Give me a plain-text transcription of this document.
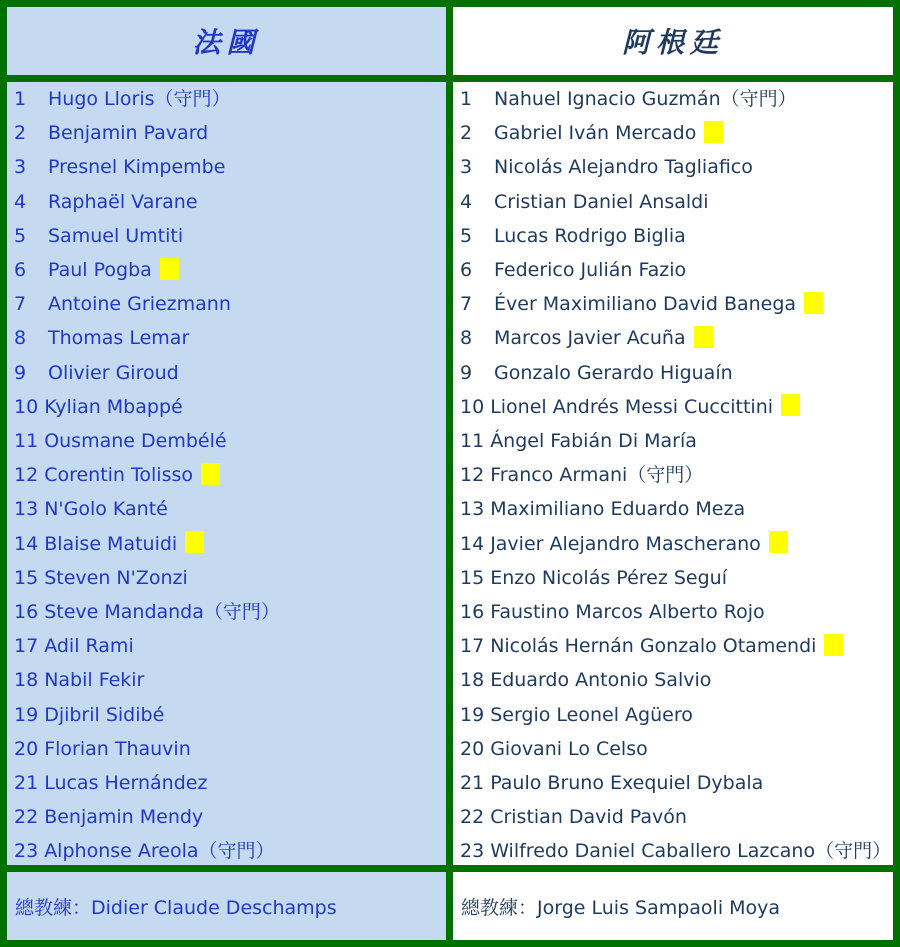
法國	阿根廷
1 Hugo Lloris（守門）
2 Benjamin Pavard
3 Presnel Kimpembe
4 Raphaël Varane
5 Samuel Umtiti
6 Paul Pogba
7 Antoine Griezmann
8 Thomas Lemar
9 Olivier Giroud
10 Kylian Mbappé
11 Ousmane Dembélé
12 Corentin Tolisso
13 N'Golo Kanté
14 Blaise Matuidi
15 Steven N'Zonzi
16 Steve Mandanda（守門）
17 Adil Rami
18 Nabil Fekir
19 Djibril Sidibé
20 Florian Thauvin
21 Lucas Hernández
22 Benjamin Mendy
23 Alphonse Areola（守門）
1 Nahuel Ignacio Guzmán（守門）
2 Gabriel Iván Mercado
3 Nicolás Alejandro Tagliafico
4 Cristian Daniel Ansaldi
5 Lucas Rodrigo Biglia
6 Federico Julián Fazio
7 Éver Maximiliano David Banega
8 Marcos Javier Acuña
9 Gonzalo Gerardo Higuaín
10 Lionel Andrés Messi Cuccittini
11 Ángel Fabián Di María
12 Franco Armani（守門）
13 Maximiliano Eduardo Meza
14 Javier Alejandro Mascherano
15 Enzo Nicolás Pérez Seguí
16 Faustino Marcos Alberto Rojo
17 Nicolás Hernán Gonzalo Otamendi
18 Eduardo Antonio Salvio
19 Sergio Leonel Agüero
20 Giovani Lo Celso
21 Paulo Bruno Exequiel Dybala
22 Cristian David Pavón
23 Wilfredo Daniel Caballero Lazcano（守門）
總教練：Didier Claude Deschamps	總教練：Jorge Luis Sampaoli Moya
